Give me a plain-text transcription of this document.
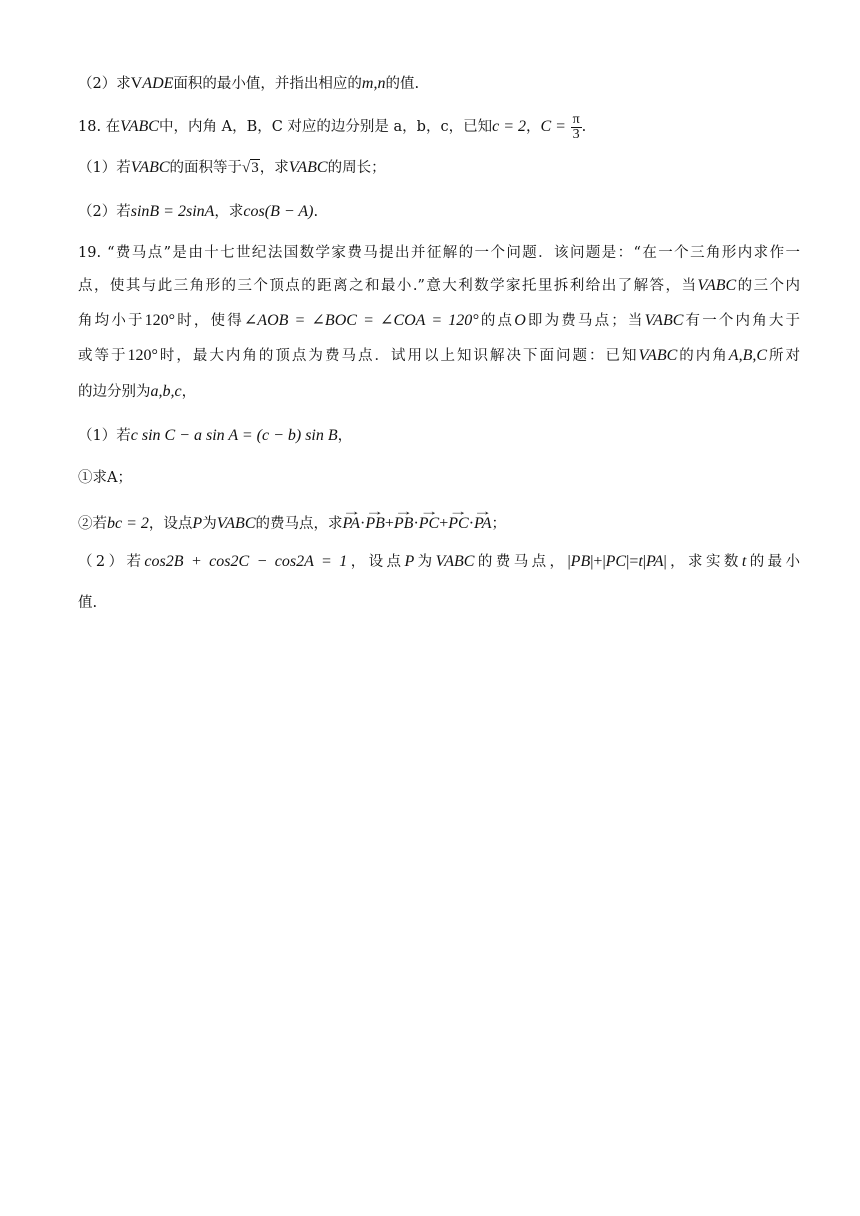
（2）求VADE面积的最小值，并指出相应的m,n的值.
18. 在VABC中，内角 A，B，C 对应的边分别是 a，b，c，已知c = 2，$C = \frac{\pi}{3}$ .
（1）若VABC的面积等于√3，求VABC的周长；
（2）若sinB = 2sinA，求cos(B − A).
19. “费马点”是由十七世纪法国数学家费马提出并征解的一个问题．该问题是：“在一个三角形内求作一
点，使其与此三角形的三个顶点的距离之和最小.”意大利数学家托里拆利给出了解答，当VABC的三个内
角均小于120°时，使得∠AOB = ∠BOC = ∠COA = 120°的点O即为费马点；当VABC有一个内角大于
或等于120°时，最大内角的顶点为费马点．试用以上知识解决下面问题：已知VABC的内角A,B,C所对
的边分别为a,b,c，
（1）若c sin C − a sin A = (c − b) sin B，
①求A；
②若bc = 2，设点P为VABC的费马点，求→ PA·→ PB+→ PB·→ PC+→ PC·→ PA；
（2）若cos2B + cos2C − cos2A = 1，设点P为VABC的费马点，|PB|+|PC|=t|PA|，求实数t的最小
值.
